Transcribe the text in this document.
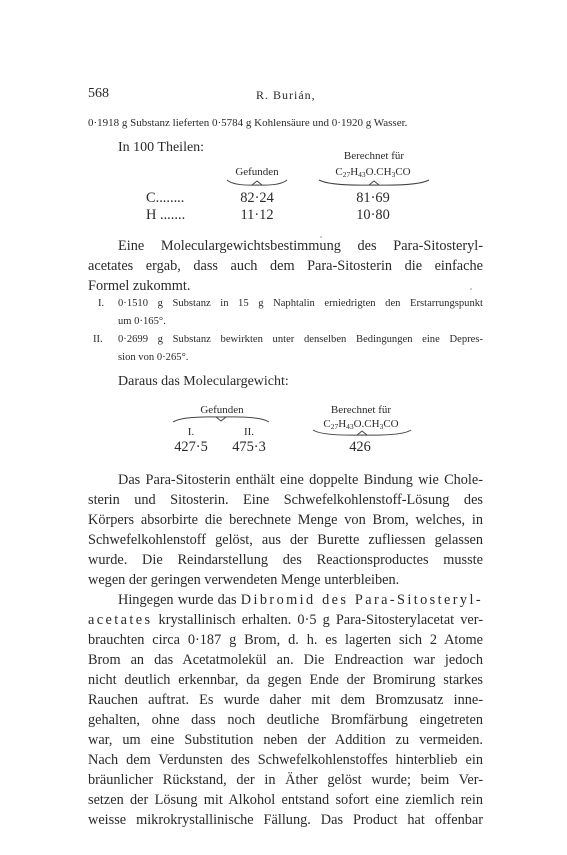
568	R. Burián,
0·1918 g Substanz lieferten 0·5784 g Kohlensäure und 0·1920 g Wasser.
In 100 Theilen:
Berechnet für
Gefunden	$C_{27}H_{43}O.CH_3CO$
C........	82·24	81·69
H .......	11·12	10·80
Eine Moleculargewichtsbestimmung des Para-Sitosteryl-
acetates ergab, dass auch dem Para-Sitosterin die einfache
Formel zukommt.
I.	0·1510 g Substanz in 15 g Naphtalin erniedrigten den Erstarrungspunkt
um 0·165°.
II.	0·2699 g Substanz bewirkten unter denselben Bedingungen eine Depres-
sion von 0·265°.
Daraus das Moleculargewicht:
Gefunden	Berechnet für
$C_{27}H_{43}O.CH_3CO$
I.	II.
427·5	475·3	426
Das Para-Sitosterin enthält eine doppelte Bindung wie Chole-
sterin und Sitosterin. Eine Schwefelkohlenstoff-Lösung des
Körpers absorbirte die berechnete Menge von Brom, welches, in
Schwefelkohlenstoff gelöst, aus der Burette zufliessen gelassen
wurde. Die Reindarstellung des Reactionsproductes musste
wegen der geringen verwendeten Menge unterbleiben.
Hingegen wurde das Dibromid des Para-Sitosteryl-
acetates krystallinisch erhalten. 0·5 g Para-Sitosterylacetat ver-
brauchten circa 0·187 g Brom, d. h. es lagerten sich 2 Atome
Brom an das Acetatmolekül an. Die Endreaction war jedoch
nicht deutlich erkennbar, da gegen Ende der Bromirung starkes
Rauchen auftrat. Es wurde daher mit dem Bromzusatz inne-
gehalten, ohne dass noch deutliche Bromfärbung eingetreten
war, um eine Substitution neben der Addition zu vermeiden.
Nach dem Verdunsten des Schwefelkohlenstoffes hinterblieb ein
bräunlicher Rückstand, der in Äther gelöst wurde; beim Ver-
setzen der Lösung mit Alkohol entstand sofort eine ziemlich rein
weisse mikrokrystallinische Fällung. Das Product hat offenbar
